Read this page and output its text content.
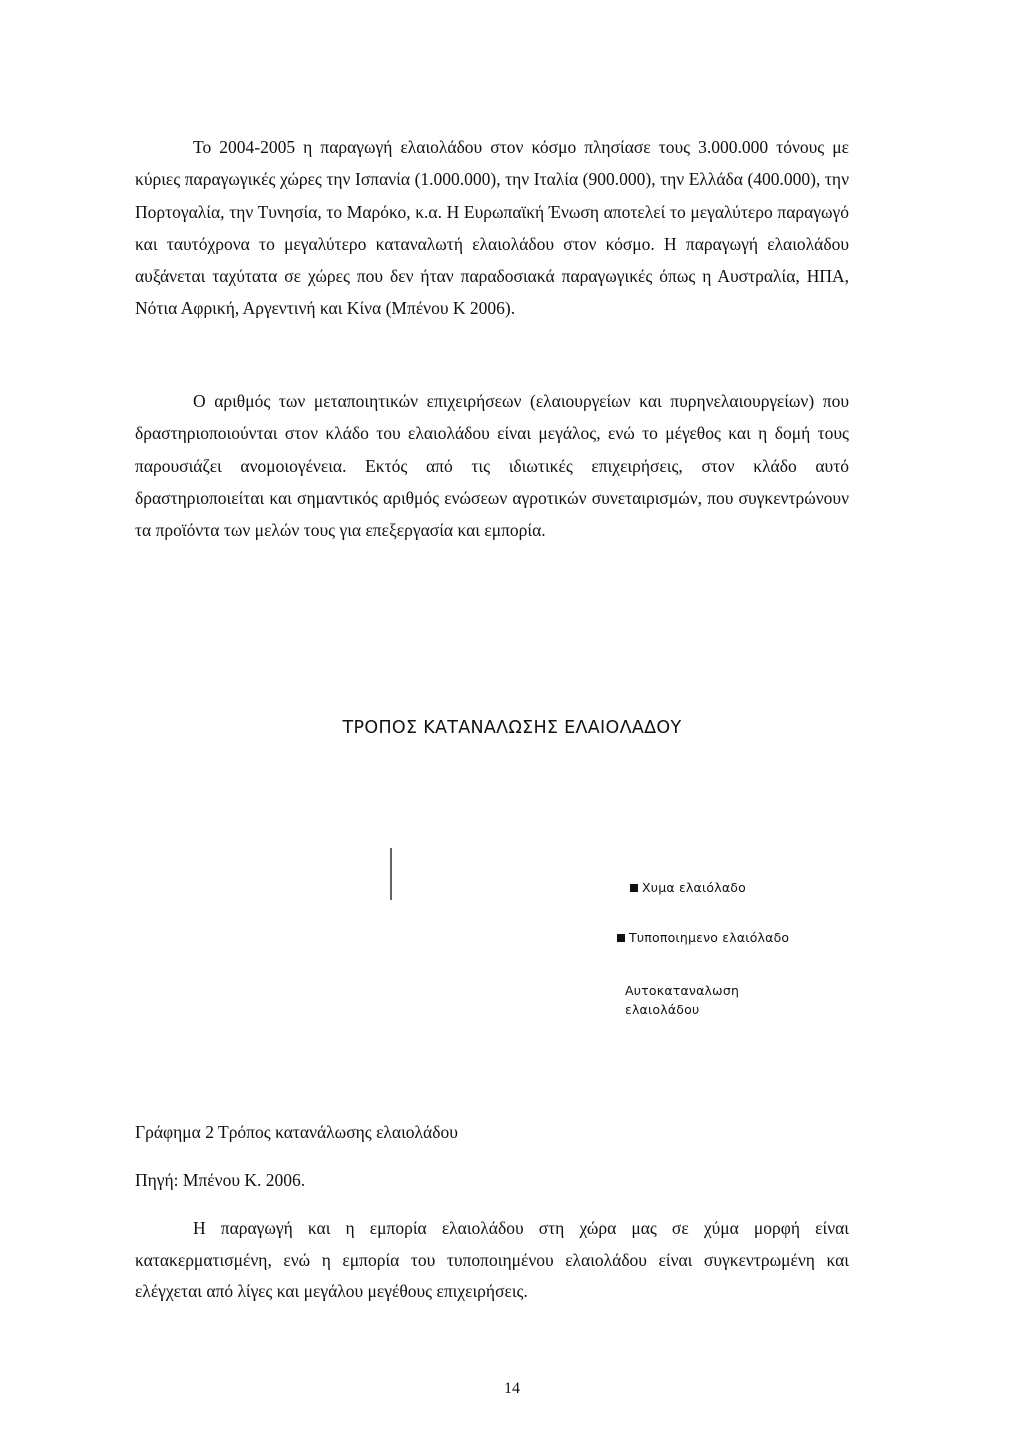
Το 2004-2005 η παραγωγή ελαιολάδου στον κόσμο πλησίασε τους 3.000.000 τόνους με κύριες παραγωγικές χώρες την Ισπανία (1.000.000), την Ιταλία (900.000), την Ελλάδα (400.000), την Πορτογαλία, την Τυνησία, το Μαρόκο, κ.α. Η Ευρωπαϊκή Ένωση αποτελεί το μεγαλύτερο παραγωγό και ταυτόχρονα το μεγαλύτερο καταναλωτή ελαιολάδου στον κόσμο. Η παραγωγή ελαιολάδου αυξάνεται ταχύτατα σε χώρες που δεν ήταν παραδοσιακά παραγωγικές όπως η Αυστραλία, ΗΠΑ, Νότια Αφρική, Αργεντινή και Κίνα (Μπένου Κ 2006).

Ο αριθμός των μεταποιητικών επιχειρήσεων (ελαιουργείων και πυρηνελαιουργείων) που δραστηριοποιούνται στον κλάδο του ελαιολάδου είναι μεγάλος, ενώ το μέγεθος και η δομή τους παρουσιάζει ανομοιογένεια. Εκτός από τις ιδιωτικές επιχειρήσεις, στον κλάδο αυτό δραστηριοποιείται και σημαντικός αριθμός ενώσεων αγροτικών συνεταιρισμών, που συγκεντρώνουν τα προϊόντα των μελών τους για επεξεργασία και εμπορία.

ΤΡΟΠΟΣ ΚΑΤΑΝΑΛΩΣΗΣ ΕΛΑΙΟΛΑΔΟΥ

Χυμα ελαιόλαδο
Τυποποιημενο ελαιόλαδο
Αυτοκαταναλωση ελαιολάδου

Γράφημα 2 Τρόπος κατανάλωσης ελαιολάδου

Πηγή: Μπένου Κ. 2006.

Η παραγωγή και η εμπορία ελαιολάδου στη χώρα μας σε χύμα μορφή είναι κατακερματισμένη, ενώ η εμπορία του τυποποιημένου ελαιολάδου είναι συγκεντρωμένη και ελέγχεται από λίγες και μεγάλου μεγέθους επιχειρήσεις.

14
